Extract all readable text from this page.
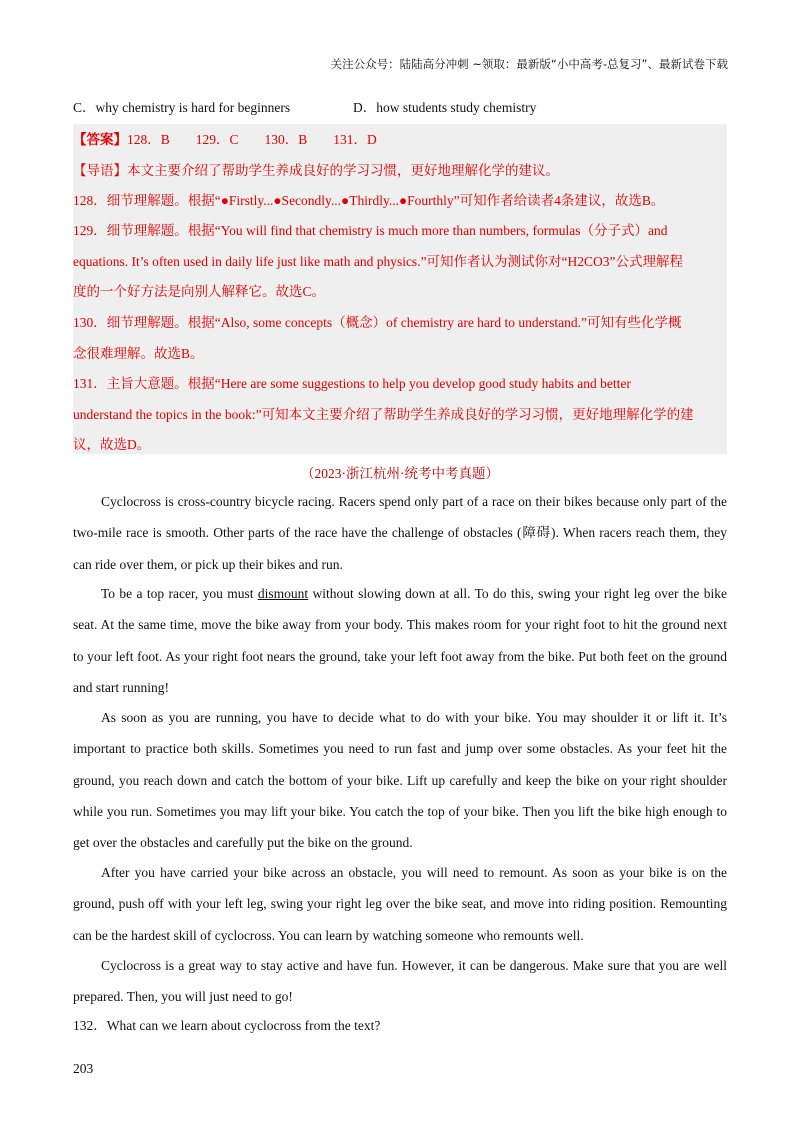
关注公众号：陆陆高分冲刺 ~领取：最新版“小中高考-总复习”、最新试卷下载
C．why chemistry is hard for beginners	D．how students study chemistry
【答案】128．B 129．C 130．B 131．D
【导语】本文主要介绍了帮助学生养成良好的学习习惯，更好地理解化学的建议。
128．细节理解题。根据“●Firstly...●Secondly...●Thirdly...●Fourthly”可知作者给读者4条建议，故选B。
129．细节理解题。根据“You will find that chemistry is much more than numbers, formulas（分子式）and
equations. It’s often used in daily life just like math and physics.”可知作者认为测试你对“H2CO3”公式理解程
度的一个好方法是向别人解释它。故选C。
130．细节理解题。根据“Also, some concepts（概念）of chemistry are hard to understand.”可知有些化学概
念很难理解。故选B。
131．主旨大意题。根据“Here are some suggestions to help you develop good study habits and better
understand the topics in the book:”可知本文主要介绍了帮助学生养成良好的学习习惯，更好地理解化学的建
议，故选D。
（2023·浙江杭州·统考中考真题）

Cyclocross is cross-country bicycle racing. Racers spend only part of a race on their bikes because only part of the two-mile race is smooth. Other parts of the race have the challenge of obstacles (障碍). When racers reach them, they can ride over them, or pick up their bikes and run.

To be a top racer, you must dismount without slowing down at all. To do this, swing your right leg over the bike seat. At the same time, move the bike away from your body. This makes room for your right foot to hit the ground next to your left foot. As your right foot nears the ground, take your left foot away from the bike. Put both feet on the ground and start running!

As soon as you are running, you have to decide what to do with your bike. You may shoulder it or lift it. It’s important to practice both skills. Sometimes you need to run fast and jump over some obstacles. As your feet hit the ground, you reach down and catch the bottom of your bike. Lift up carefully and keep the bike on your right shoulder while you run. Sometimes you may lift your bike. You catch the top of your bike. Then you lift the bike high enough to get over the obstacles and carefully put the bike on the ground.

After you have carried your bike across an obstacle, you will need to remount. As soon as your bike is on the ground, push off with your left leg, swing your right leg over the bike seat, and move into riding position. Remounting can be the hardest skill of cyclocross. You can learn by watching someone who remounts well.

Cyclocross is a great way to stay active and have fun. However, it can be dangerous. Make sure that you are well prepared. Then, you will just need to go!

132．What can we learn about cyclocross from the text?
203
